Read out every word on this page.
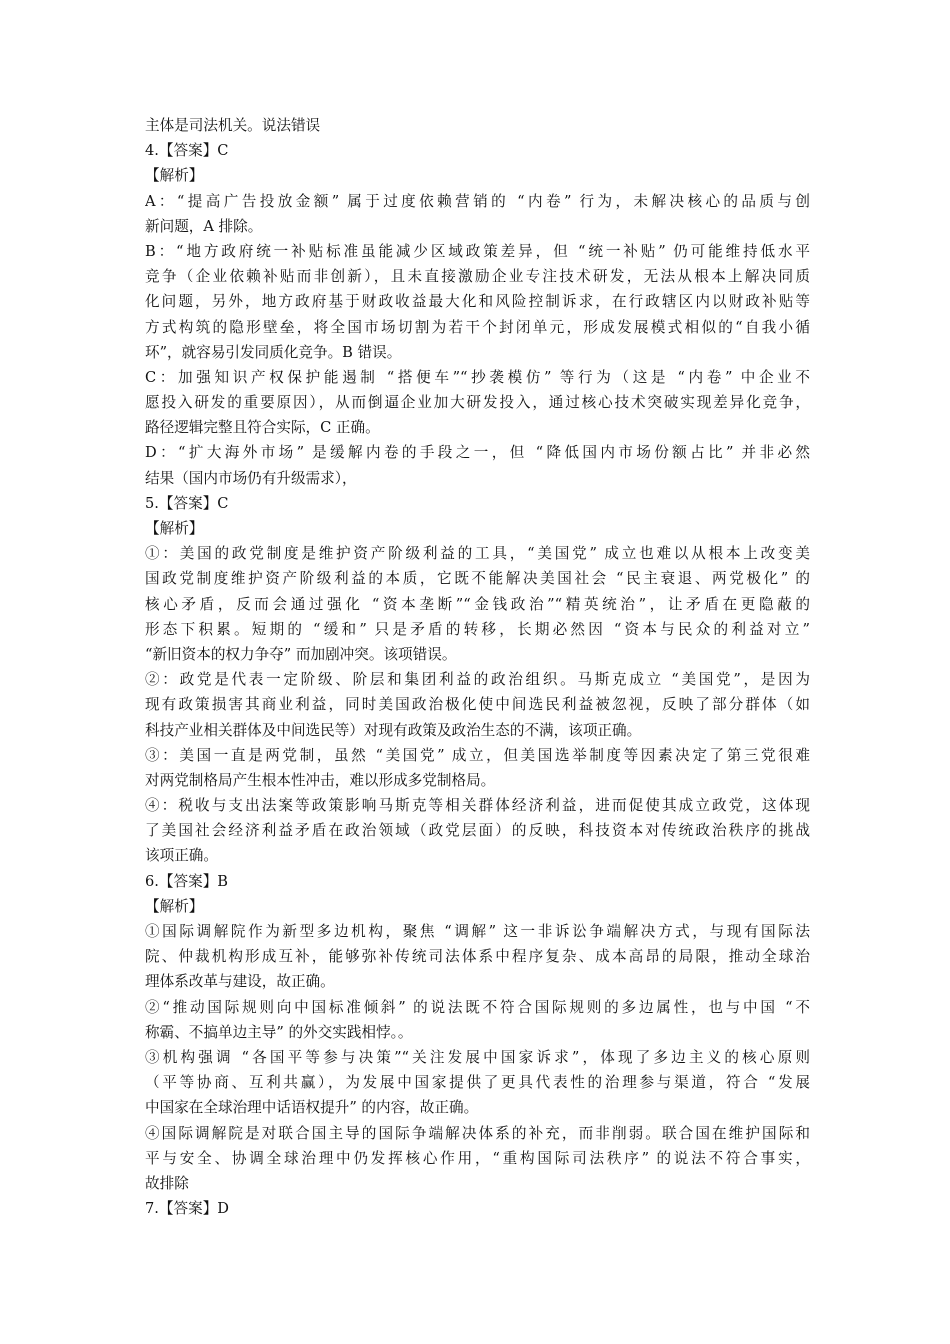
主体是司法机关。说法错误
4.【答案】C
【解析】
A：“提高广告投放金额” 属于过度依赖营销的 “内卷” 行为，未解决核心的品质与创
新问题，A 排除。
B：“地方政府统一补贴标准虽能减少区域政策差异，但 “统一补贴” 仍可能维持低水平
竞争（企业依赖补贴而非创新），且未直接激励企业专注技术研发，无法从根本上解决同质
化问题，另外，地方政府基于财政收益最大化和风险控制诉求，在行政辖区内以财政补贴等
方式构筑的隐形壁垒，将全国市场切割为若干个封闭单元，形成发展模式相似的“自我小循
环”，就容易引发同质化竞争。B 错误。
C：加强知识产权保护能遏制 “搭便车”“抄袭模仿” 等行为（这是 “内卷” 中企业不
愿投入研发的重要原因），从而倒逼企业加大研发投入，通过核心技术突破实现差异化竞争，
路径逻辑完整且符合实际，C 正确。
D：“扩大海外市场” 是缓解内卷的手段之一，但 “降低国内市场份额占比” 并非必然
结果（国内市场仍有升级需求），
5.【答案】C
【解析】
①：美国的政党制度是维护资产阶级利益的工具，“美国党” 成立也难以从根本上改变美
国政党制度维护资产阶级利益的本质，它既不能解决美国社会 “民主衰退、两党极化” 的
核心矛盾，反而会通过强化 “资本垄断”“金钱政治”“精英统治”，让矛盾在更隐蔽的
形态下积累。短期的 “缓和” 只是矛盾的转移，长期必然因 “资本与民众的利益对立”
“新旧资本的权力争夺” 而加剧冲突。该项错误。
②：政党是代表一定阶级、阶层和集团利益的政治组织。马斯克成立 “美国党”，是因为
现有政策损害其商业利益，同时美国政治极化使中间选民利益被忽视，反映了部分群体（如
科技产业相关群体及中间选民等）对现有政策及政治生态的不满，该项正确。
③：美国一直是两党制，虽然 “美国党” 成立，但美国选举制度等因素决定了第三党很难
对两党制格局产生根本性冲击，难以形成多党制格局。
④：税收与支出法案等政策影响马斯克等相关群体经济利益，进而促使其成立政党，这体现
了美国社会经济利益矛盾在政治领域（政党层面）的反映，科技资本对传统政治秩序的挑战
该项正确。
6.【答案】B
【解析】
①国际调解院作为新型多边机构，聚焦 “调解” 这一非诉讼争端解决方式，与现有国际法
院、仲裁机构形成互补，能够弥补传统司法体系中程序复杂、成本高昂的局限，推动全球治
理体系改革与建设，故正确。
②“推动国际规则向中国标准倾斜” 的说法既不符合国际规则的多边属性，也与中国 “不
称霸、不搞单边主导” 的外交实践相悖。。
③机构强调 “各国平等参与决策”“关注发展中国家诉求”，体现了多边主义的核心原则
（平等协商、互利共赢），为发展中国家提供了更具代表性的治理参与渠道，符合 “发展
中国家在全球治理中话语权提升” 的内容，故正确。
④国际调解院是对联合国主导的国际争端解决体系的补充，而非削弱。联合国在维护国际和
平与安全、协调全球治理中仍发挥核心作用，“重构国际司法秩序” 的说法不符合事实，
故排除
7.【答案】D
